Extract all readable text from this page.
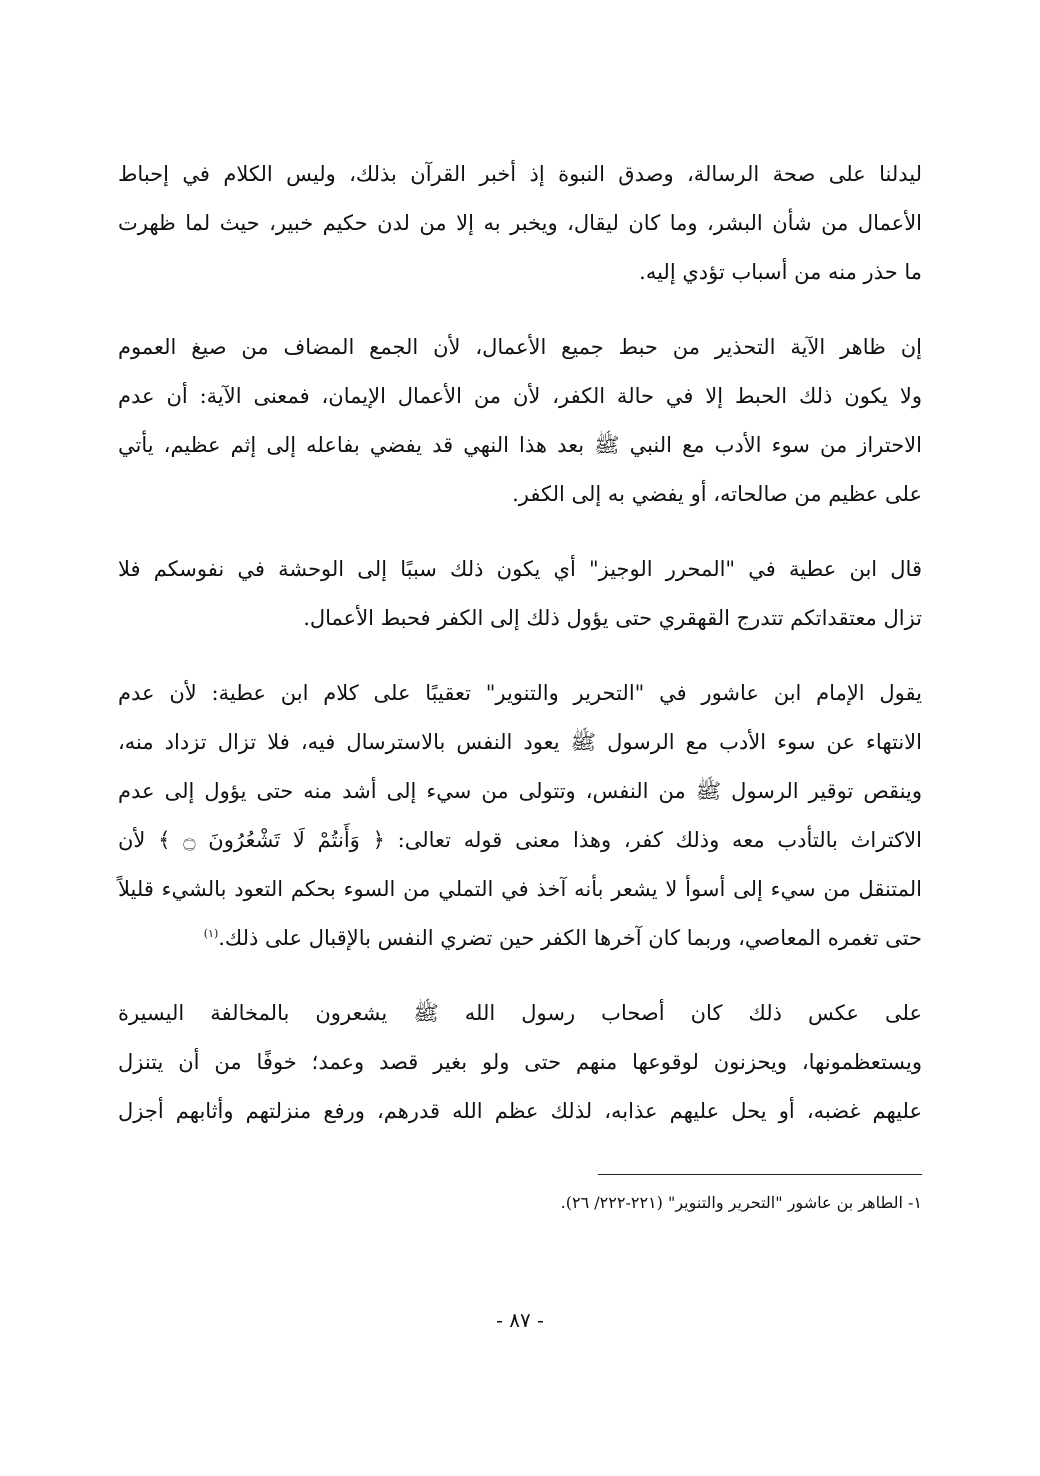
ليدلنا على صحة الرسالة، وصدق النبوة إذ أخبر القرآن بذلك، وليس الكلام في إحباط
الأعمال من شأن البشر، وما كان ليقال، ويخبر به إلا من لدن حكيم خبير، حيث لما ظهرت
ما حذر منه من أسباب تؤدي إليه.

إن ظاهر الآية التحذير من حبط جميع الأعمال، لأن الجمع المضاف من صيغ العموم
ولا يكون ذلك الحبط إلا في حالة الكفر، لأن من الأعمال الإيمان، فمعنى الآية: أن عدم
الاحتراز من سوء الأدب مع النبي ﷺ بعد هذا النهي قد يفضي بفاعله إلى إثم عظيم، يأتي
على عظيم من صالحاته، أو يفضي به إلى الكفر.

قال ابن عطية في "المحرر الوجيز" أي يكون ذلك سببًا إلى الوحشة في نفوسكم فلا
تزال معتقداتكم تتدرج القهقري حتى يؤول ذلك إلى الكفر فحبط الأعمال.

يقول الإمام ابن عاشور في "التحرير والتنوير" تعقيبًا على كلام ابن عطية: لأن عدم
الانتهاء عن سوء الأدب مع الرسول ﷺ يعود النفس بالاسترسال فيه، فلا تزال تزداد منه،
وينقص توقير الرسول ﷺ من النفس، وتتولى من سيء إلى أشد منه حتى يؤول إلى عدم
الاكتراث بالتأدب معه وذلك كفر، وهذا معنى قوله تعالى: ﴿ وَأَنتُمْ لَا تَشْعُرُونَ ۝ ﴾ لأن
المتنقل من سيء إلى أسوأ لا يشعر بأنه آخذ في التملي من السوء بحكم التعود بالشيء قليلاً
حتى تغمره المعاصي، وربما كان آخرها الكفر حين تضري النفس بالإقبال على ذلك.$^{(١)}$

على عكس ذلك كان أصحاب رسول الله ﷺ يشعرون بالمخالفة اليسيرة
ويستعظمونها، ويحزنون لوقوعها منهم حتى ولو بغير قصد وعمد؛ خوفًا من أن يتنزل
عليهم غضبه، أو يحل عليهم عذابه، لذلك عظم الله قدرهم، ورفع منزلتهم وأثابهم أجزل

١- الطاهر بن عاشور "التحرير والتنوير" (٢٢١-٢٢٢/ ٢٦).
- ٨٧ -
